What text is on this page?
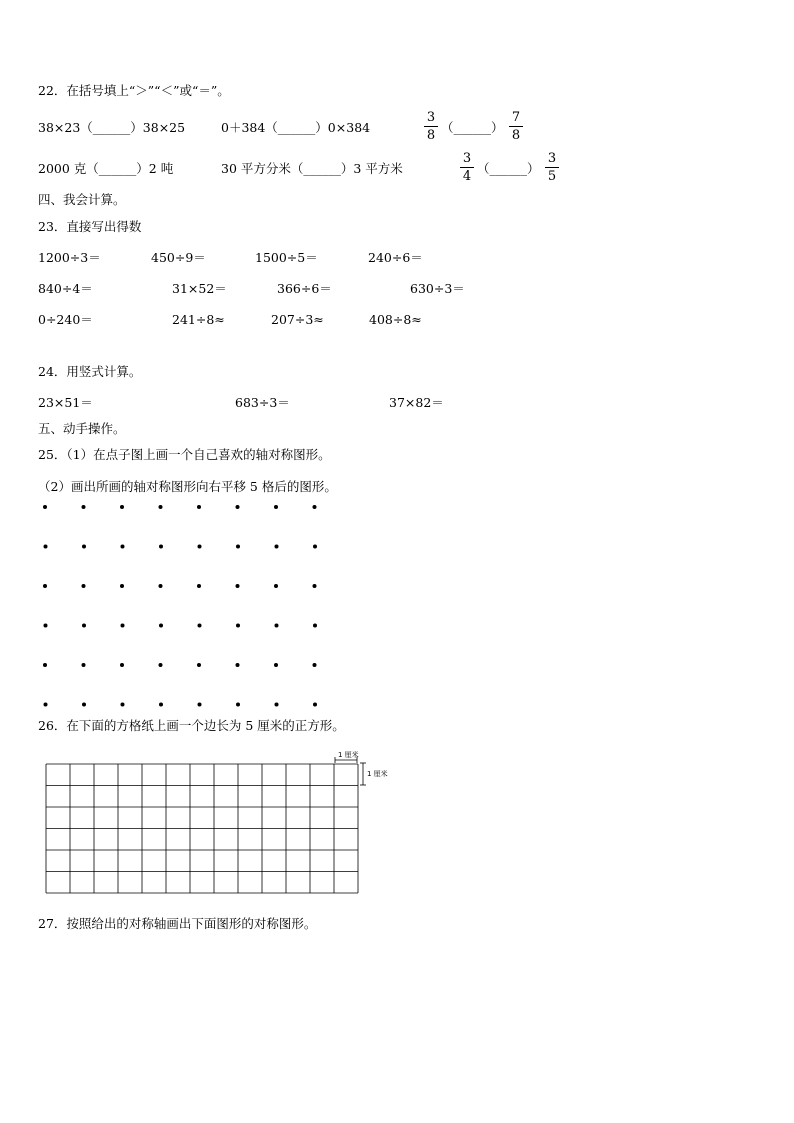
22．在括号填上“＞”“＜”或“＝”。
38×23（______）38×25	0＋384（______）0×384	$\frac{3}{8}$ （______） $\frac{7}{8}$
2000 克（______）2 吨	30 平方分米（______）3 平方米	$\frac{3}{4}$ （______） $\frac{3}{5}$
四、我会计算。
23．直接写出得数
1200÷3＝	450÷9＝	1500÷5＝	240÷6＝
840÷4＝	31×52＝	366÷6＝	630÷3＝
0÷240＝	241÷8≈	207÷3≈	408÷8≈
24．用竖式计算。
23×51＝	683÷3＝	37×82＝
五、动手操作。
25．（1）在点子图上画一个自己喜欢的轴对称图形。
（2）画出所画的轴对称图形向右平移 5 格后的图形。
26．在下面的方格纸上画一个边长为 5 厘米的正方形。
27．按照给出的对称轴画出下面图形的对称图形。
1 厘米
1 厘米
